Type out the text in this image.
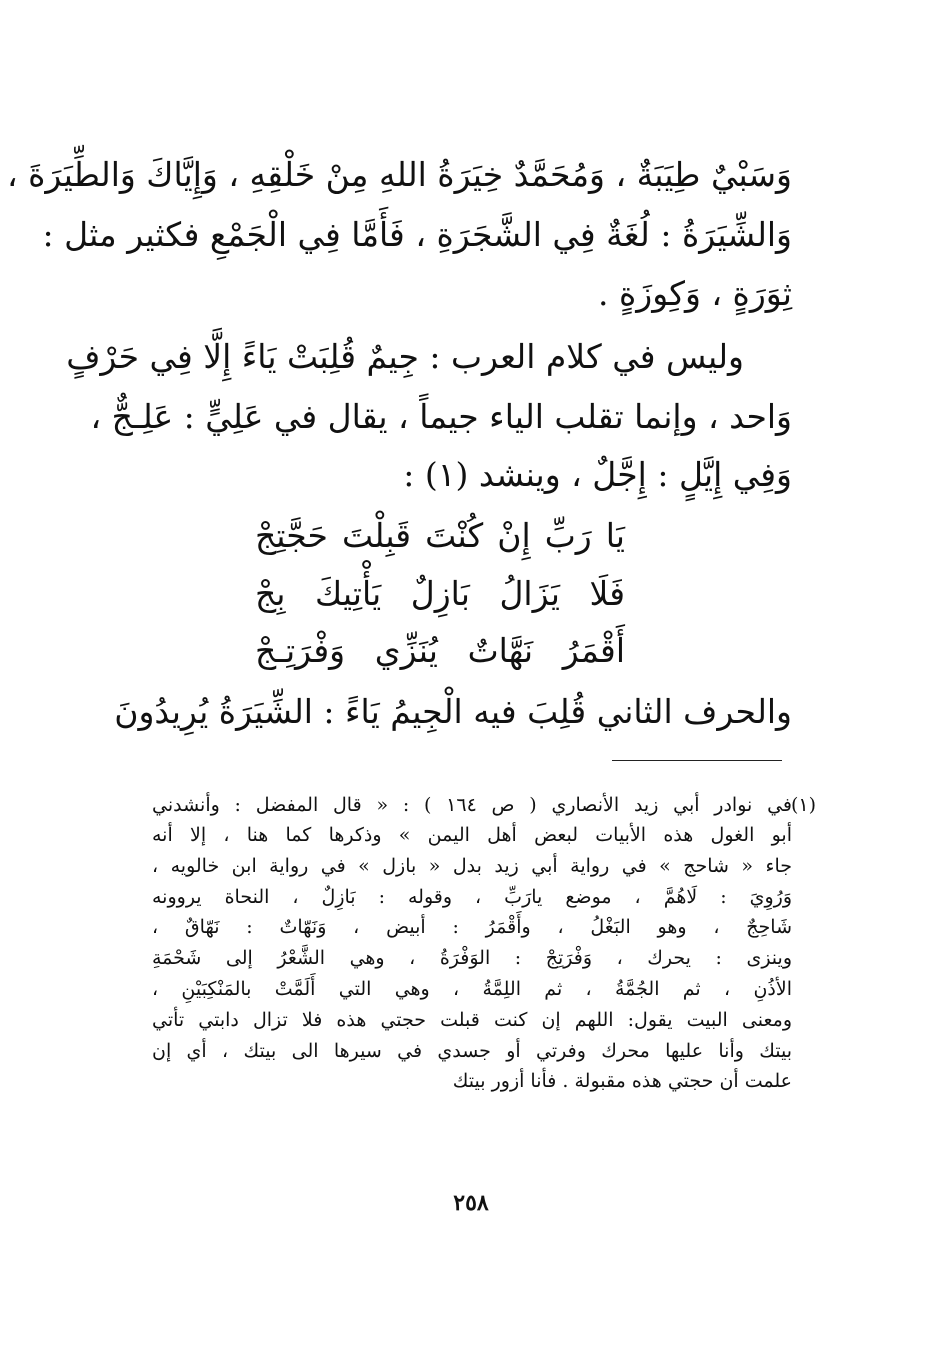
وَسَبْيٌ طِيَبَةٌ ، وَمُحَمَّدٌ خِيَرَةُ اللهِ مِنْ خَلْقِهِ ، وَإِيَّاكَ وَالطِّيَرَةَ ،
وَالشِّيَرَةُ : لُغَةٌ فِي الشَّجَرَةِ ، فَأَمَّا فِي الْجَمْعِ فكثير مثل :
ثِوَرَةٍ ، وَكِوزَةٍ .
وليس في كلام العرب : جِيمٌ قُلِبَتْ يَاءً إِلَّا فِي حَرْفٍ
وَاحد ، وإنما تقلب الياء جيماً ، يقال في عَلِيٍّ : عَلِـجٌّ ،
وَفِي إِيَّلٍ : إِجَّلٌ ، وينشد (١) :
يَا رَبِّ إِنْ كُنْتَ قَبِلْتَ حَجَّتِجْ
فَلَا يَزَالُ بَازِلٌ يَأْتِيكَ بِجْ
أَقْمَرُ نَهَّاتٌ يُنَزِّي وَفْرَتِـجْ
والحرف الثاني قُلِبَ فيه الْجِيمُ يَاءً : الشِّيَرَةُ يُرِيدُونَ
(١)
في نوادر أبي زيد الأنصاري ( ص ١٦٤ ) : « قال المفضل : وأنشدني
أبو الغول هذه الأبيات لبعض أهل اليمن » وذكرها كما هنا ، إلا أنه
جاء « شاحج » في رواية أبي زيد بدل « بازل » في رواية ابن خالويه ،
وَرُوِيَ : لَاهُمَّ ، موضع يارَبِّ ، وقوله : بَازِلٌ ، النحاة يروونه
شَاحِجٌ ، وهو البَغْلُ ، وأَقْمَرُ : أبيض ، وَنَهّاتٌ : نَهّاقٌ ،
وينزى : يحرك ، وَفْرَتِجْ : الوَفْرَةُ ، وهي الشَّعْرُ إلى شَحْمَةِ
الأذُنِ ، ثم الجُمَّةُ ، ثم اللِمَّةُ ، وهي التي أَلَمَّتْ بالمَنْكِبَيْنِ ،
ومعنى البيت يقول: اللهم إن كنت قبلت حجتي هذه فلا تزال دابتي تأتي
بيتك وأنا عليها محرك وفرتي أو جسدي في سيرها الى بيتك ، أي إن
علمت أن حجتي هذه مقبولة . فأنا أزور بيتك
٢٥٨
